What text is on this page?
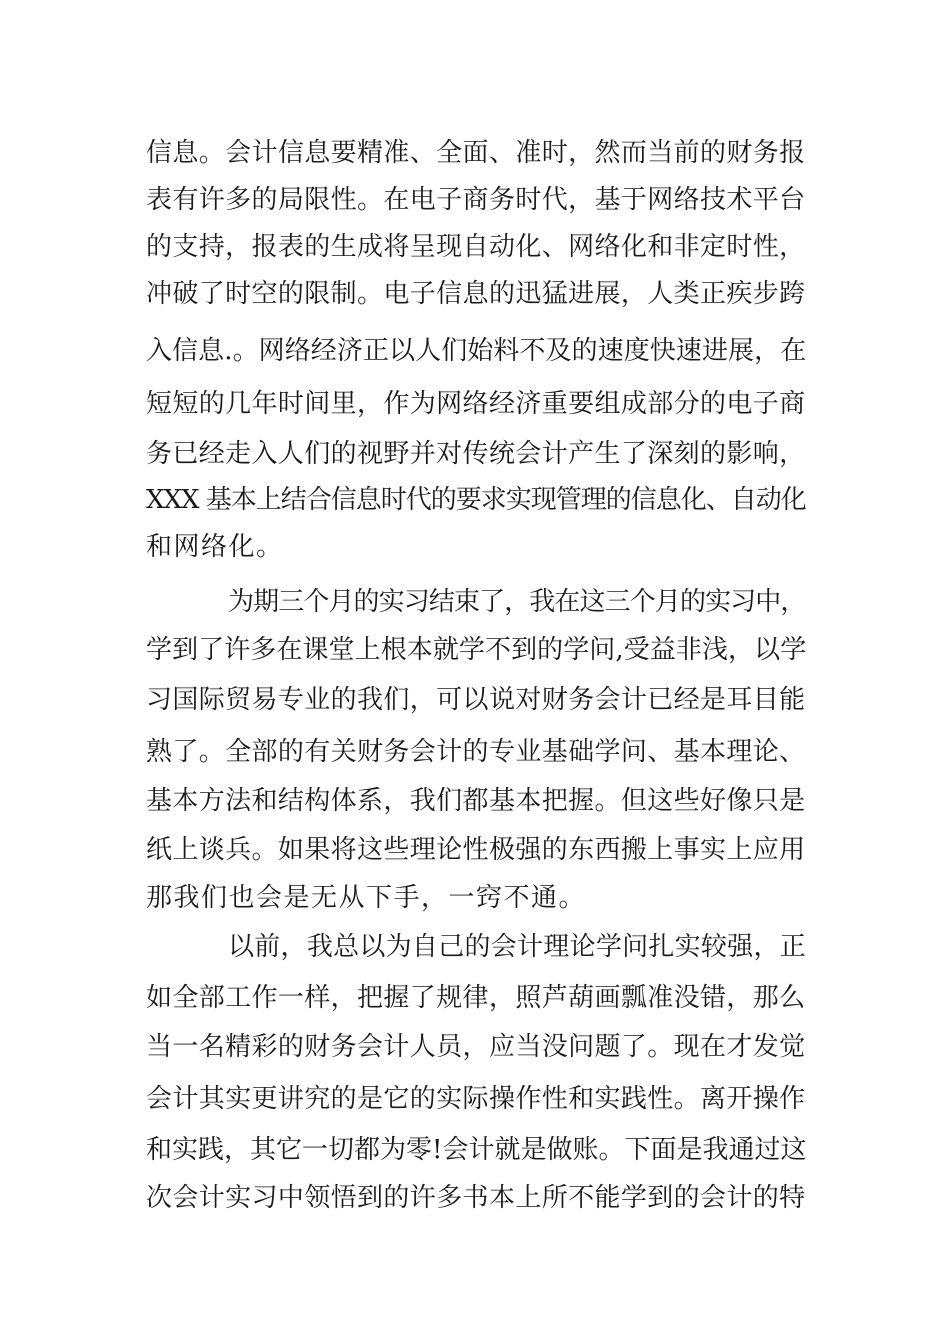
信息。会计信息要精准、全面、准时，然而当前的财务报
表有许多的局限性。在电子商务时代，基于网络技术平台
的支持，报表的生成将呈现自动化、网络化和非定时性，
冲破了时空的限制。电子信息的迅猛进展，人类正疾步跨
入信息.。网络经济正以人们始料不及的速度快速进展，在
短短的几年时间里，作为网络经济重要组成部分的电子商
务已经走入人们的视野并对传统会计产生了深刻的影响，
XXX 基本上结合信息时代的要求实现管理的信息化、自动化
和网络化。
为期三个月的实习结束了，我在这三个月的实习中，
学到了许多在课堂上根本就学不到的学问,受益非浅，以学
习国际贸易专业的我们，可以说对财务会计已经是耳目能
熟了。全部的有关财务会计的专业基础学问、基本理论、
基本方法和结构体系，我们都基本把握。但这些好像只是
纸上谈兵。如果将这些理论性极强的东西搬上事实上应用
那我们也会是无从下手，一窍不通。
以前，我总以为自己的会计理论学问扎实较强，正
如全部工作一样，把握了规律，照芦葫画瓢准没错，那么
当一名精彩的财务会计人员，应当没问题了。现在才发觉
会计其实更讲究的是它的实际操作性和实践性。离开操作
和实践，其它一切都为零!会计就是做账。下面是我通过这
次会计实习中领悟到的许多书本上所不能学到的会计的特
